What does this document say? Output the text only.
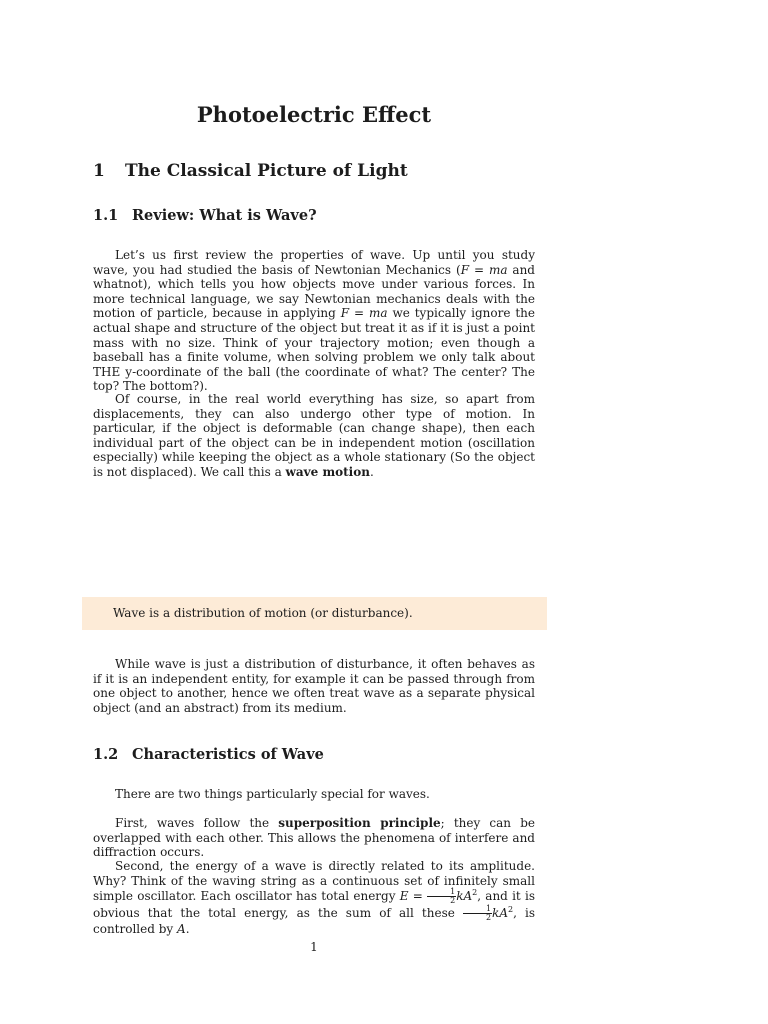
Photoelectric Effect
1 The Classical Picture of Light
1.1 Review: What is Wave?

Let’s us first review the properties of wave. Up until you study wave, you had studied the basis of Newtonian Mechanics (F = ma and whatnot), which tells you how objects move under various forces. In more technical language, we say Newtonian mechanics deals with the motion of particle, because in applying F = ma we typically ignore the actual shape and structure of the object but treat it as if it is just a point mass with no size. Think of your trajectory motion; even though a baseball has a finite volume, when solving problem we only talk about THE y-coordinate of the ball (the coordinate of what? The center? The top? The bottom?).

Of course, in the real world everything has size, so apart from displacements, they can also undergo other type of motion. In particular, if the object is deformable (can change shape), then each individual part of the object can be in independent motion (oscillation especially) while keeping the object as a whole stationary (So the object is not displaced). We call this a wave motion.

Wave is a distribution of motion (or disturbance).

While wave is just a distribution of disturbance, it often behaves as if it is an independent entity, for example it can be passed through from one object to another, hence we often treat wave as a separate physical object (and an abstract) from its medium.

1.2 Characteristics of Wave

There are two things particularly special for waves.

First, waves follow the superposition principle; they can be overlapped with each other. This allows the phenomena of interfere and diffraction occurs.

Second, the energy of a wave is directly related to its amplitude. Why? Think of the waving string as a continuous set of infinitely small simple oscillator. Each oscillator has total energy $E = \frac{1}{2} kA^2$, and it is obvious that the total energy, as the sum of all these $\frac{1}{2} kA^2$, is controlled by A.

1
